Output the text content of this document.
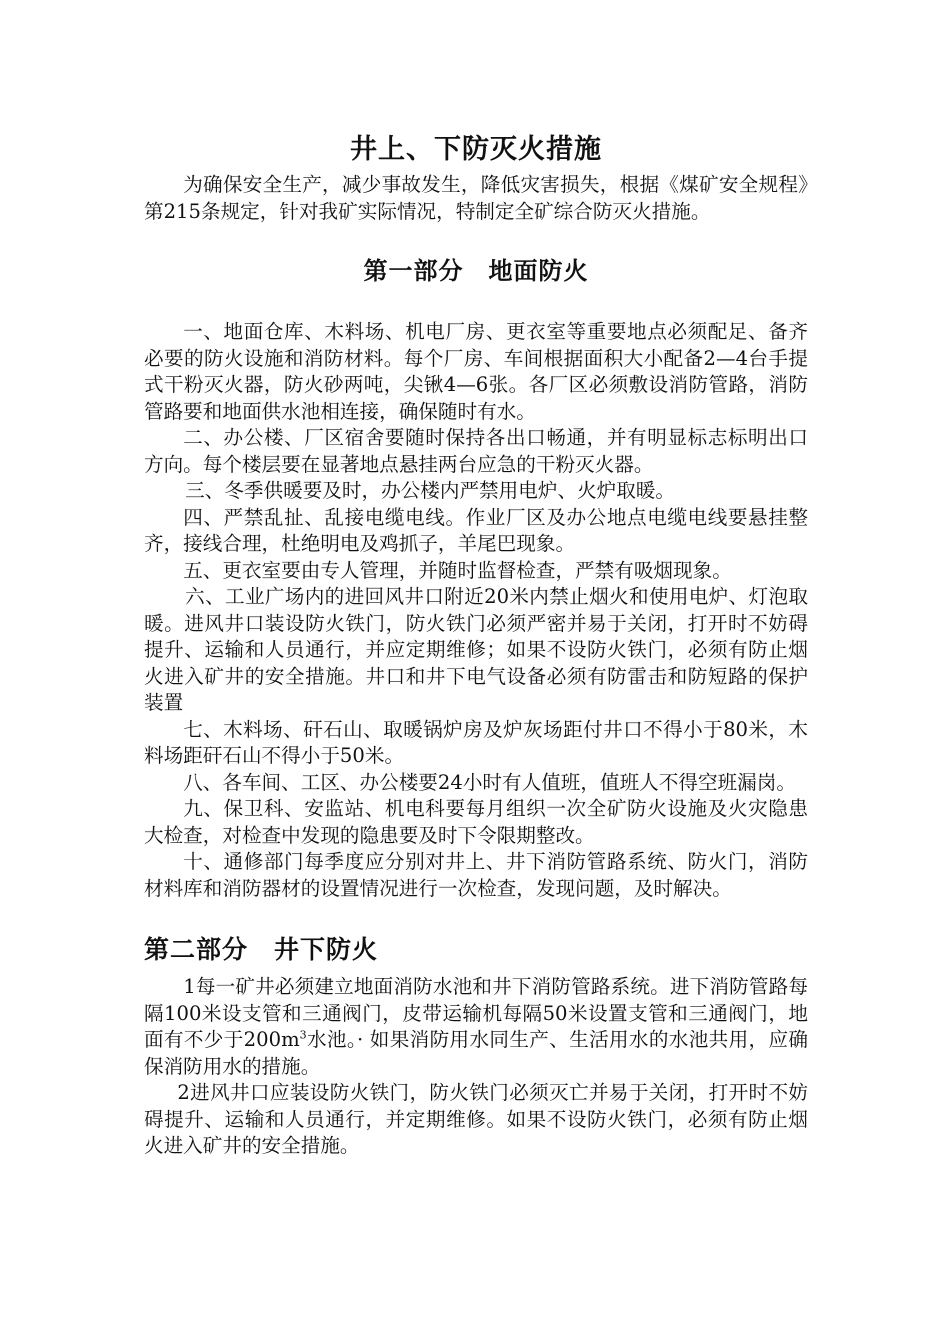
井上、下防灭火措施

为确保安全生产，减少事故发生，降低灾害损失，根据《煤矿安全规程》第215条规定，针对我矿实际情况，特制定全矿综合防灭火措施。

第一部分　地面防火

一、地面仓库、木料场、机电厂房、更衣室等重要地点必须配足、备齐必要的防火设施和消防材料。每个厂房、车间根据面积大小配备2—4台手提式干粉灭火器，防火砂两吨，尖锹4—6张。各厂区必须敷设消防管路，消防管路要和地面供水池相连接，确保随时有水。

二、办公楼、厂区宿舍要随时保持各出口畅通，并有明显标志标明出口方向。每个楼层要在显著地点悬挂两台应急的干粉灭火器。

三、冬季供暖要及时，办公楼内严禁用电炉、火炉取暖。

四、严禁乱扯、乱接电缆电线。作业厂区及办公地点电缆电线要悬挂整齐，接线合理，杜绝明电及鸡抓子，羊尾巴现象。

五、更衣室要由专人管理，并随时监督检查，严禁有吸烟现象。

六、工业广场内的进回风井口附近20米内禁止烟火和使用电炉、灯泡取暖。进风井口装设防火铁门，防火铁门必须严密并易于关闭，打开时不妨碍提升、运输和人员通行，并应定期维修；如果不设防火铁门，必须有防止烟火进入矿井的安全措施。井口和井下电气设备必须有防雷击和防短路的保护装置

七、木料场、矸石山、取暖锅炉房及炉灰场距付井口不得小于80米，木料场距矸石山不得小于50米。

八、各车间、工区、办公楼要24小时有人值班，值班人不得空班漏岗。

九、保卫科、安监站、机电科要每月组织一次全矿防火设施及火灾隐患大检查，对检查中发现的隐患要及时下令限期整改。

十、通修部门每季度应分别对井上、井下消防管路系统、防火门，消防材料库和消防器材的设置情况进行一次检查，发现问题，及时解决。

第二部分　井下防火

1每一矿井必须建立地面消防水池和井下消防管路系统。进下消防管路每隔100米设支管和三通阀门，皮带运输机每隔50米设置支管和三通阀门，地面有不少于$200m^3$水池。· 如果消防用水同生产、生活用水的水池共用，应确保消防用水的措施。

2进风井口应装设防火铁门，防火铁门必须灭亡并易于关闭，打开时不妨碍提升、运输和人员通行，并定期维修。如果不设防火铁门，必须有防止烟火进入矿井的安全措施。
